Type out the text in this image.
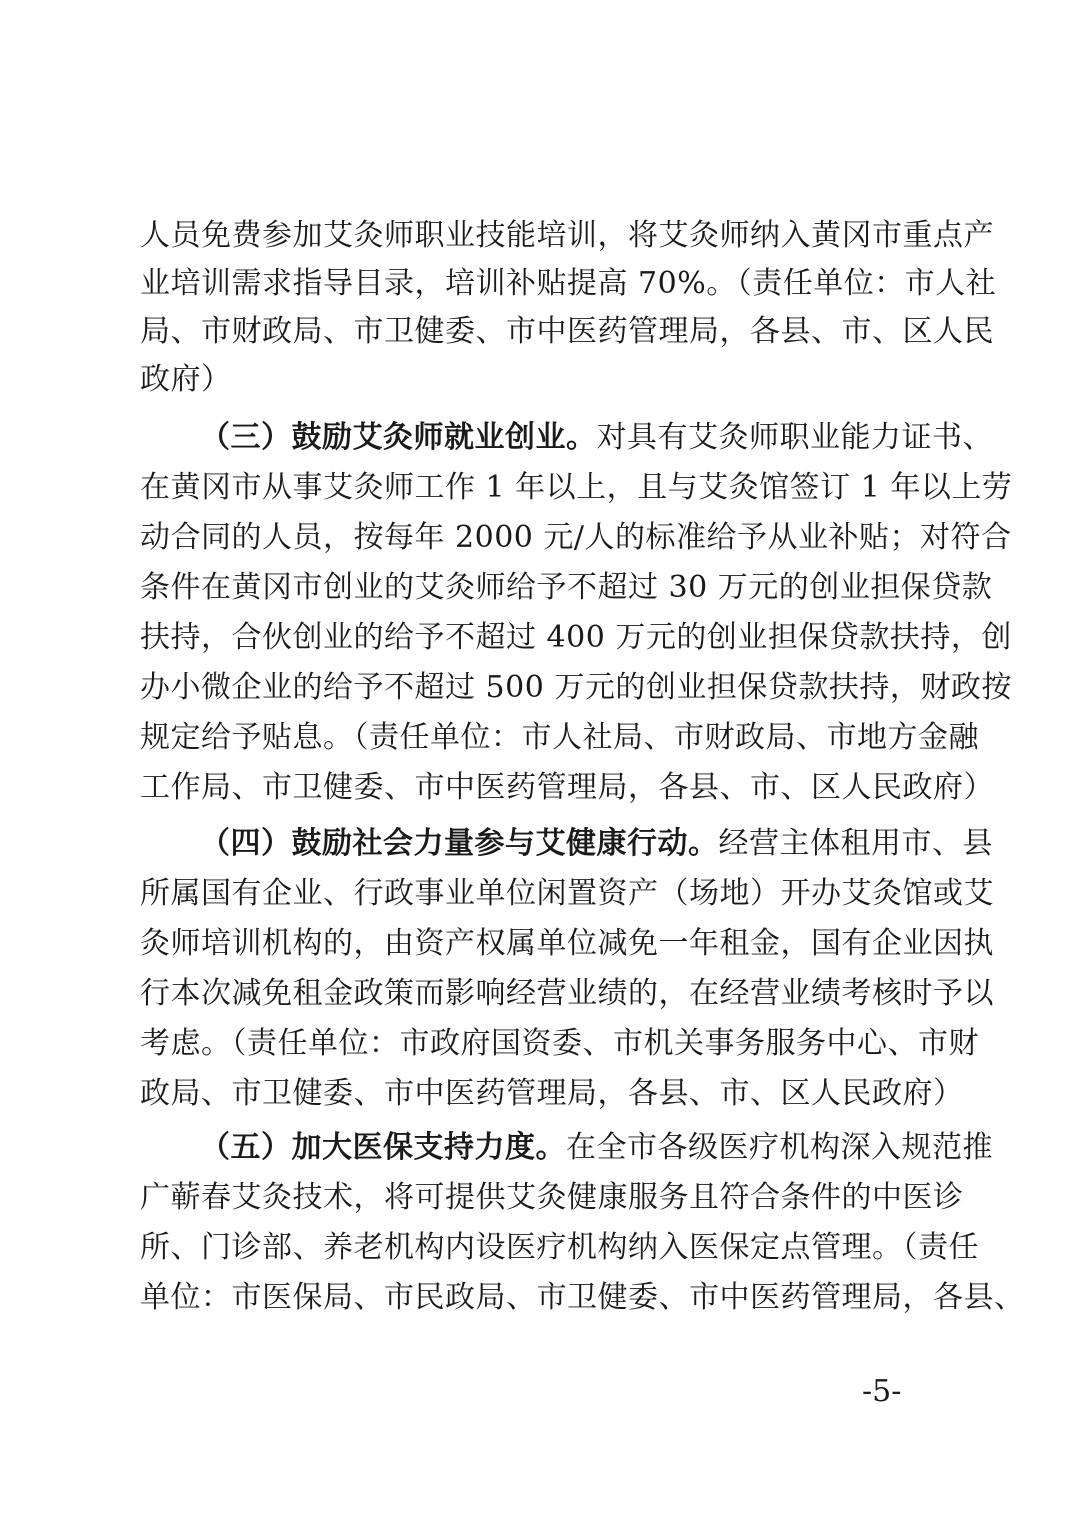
人员免费参加艾灸师职业技能培训，将艾灸师纳入黄冈市重点产
业培训需求指导目录，培训补贴提高 70%。（责任单位：市人社
局、市财政局、市卫健委、市中医药管理局，各县、市、区人民
政府）
（三）鼓励艾灸师就业创业。对具有艾灸师职业能力证书、
在黄冈市从事艾灸师工作 1 年以上，且与艾灸馆签订 1 年以上劳
动合同的人员，按每年 2000 元/人的标准给予从业补贴；对符合
条件在黄冈市创业的艾灸师给予不超过 30 万元的创业担保贷款
扶持，合伙创业的给予不超过 400 万元的创业担保贷款扶持，创
办小微企业的给予不超过 500 万元的创业担保贷款扶持，财政按
规定给予贴息。（责任单位：市人社局、市财政局、市地方金融
工作局、市卫健委、市中医药管理局，各县、市、区人民政府）
（四）鼓励社会力量参与艾健康行动。经营主体租用市、县
所属国有企业、行政事业单位闲置资产（场地）开办艾灸馆或艾
灸师培训机构的，由资产权属单位减免一年租金，国有企业因执
行本次减免租金政策而影响经营业绩的，在经营业绩考核时予以
考虑。（责任单位：市政府国资委、市机关事务服务中心、市财
政局、市卫健委、市中医药管理局，各县、市、区人民政府）
（五）加大医保支持力度。在全市各级医疗机构深入规范推
广蕲春艾灸技术，将可提供艾灸健康服务且符合条件的中医诊
所、门诊部、养老机构内设医疗机构纳入医保定点管理。（责任
单位：市医保局、市民政局、市卫健委、市中医药管理局，各县、
-5-
